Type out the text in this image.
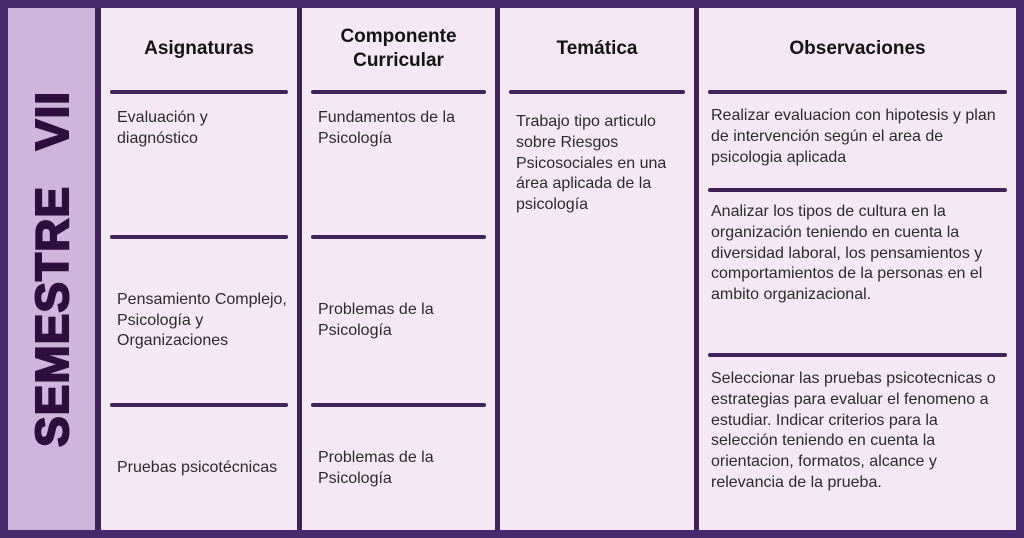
SEMESTRE VII
Asignaturas
Evaluación y diagnóstico
Pensamiento Complejo, Psicología y Organizaciones
Pruebas psicotécnicas
Componente Curricular
Fundamentos de la Psicología
Problemas de la Psicología
Problemas de la Psicología
Temática
Trabajo tipo articulo sobre Riesgos Psicosociales en una área aplicada de la psicología
Observaciones
Realizar evaluacion con hipotesis y plan de intervención según el area de psicologia aplicada
Analizar los tipos de cultura en la organización teniendo en cuenta la diversidad laboral, los pensamientos y comportamientos de la personas en el ambito organizacional.
Seleccionar las pruebas psicotecnicas o estrategias para evaluar el fenomeno a estudiar. Indicar criterios para la selección teniendo en cuenta la orientacion, formatos, alcance y relevancia de la prueba.
